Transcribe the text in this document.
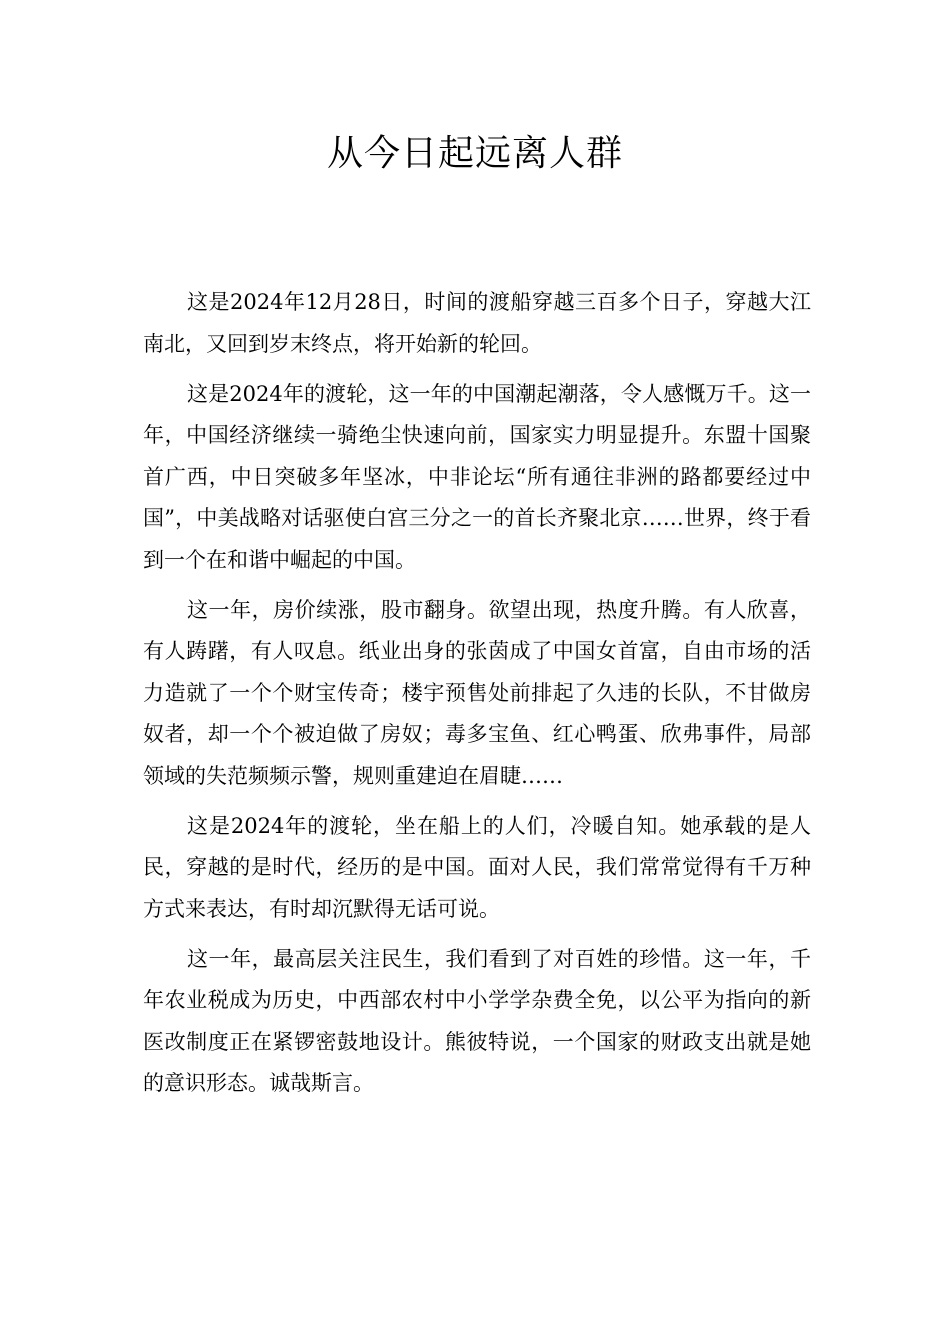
从今日起远离人群

这是2024年12月28日，时间的渡船穿越三百多个日子，穿越大江南北，又回到岁末终点，将开始新的轮回。

这是2024年的渡轮，这一年的中国潮起潮落，令人感慨万千。这一年，中国经济继续一骑绝尘快速向前，国家实力明显提升。东盟十国聚首广西，中日突破多年坚冰，中非论坛“所有通往非洲的路都要经过中国”，中美战略对话驱使白宫三分之一的首长齐聚北京……世界，终于看到一个在和谐中崛起的中国。

这一年，房价续涨，股市翻身。欲望出现，热度升腾。有人欣喜，有人踌躇，有人叹息。纸业出身的张茵成了中国女首富，自由市场的活力造就了一个个财宝传奇；楼宇预售处前排起了久违的长队，不甘做房奴者，却一个个被迫做了房奴；毒多宝鱼、红心鸭蛋、欣弗事件，局部领域的失范频频示警，规则重建迫在眉睫……

这是2024年的渡轮，坐在船上的人们，冷暖自知。她承载的是人民，穿越的是时代，经历的是中国。面对人民，我们常常觉得有千万种方式来表达，有时却沉默得无话可说。

这一年，最高层关注民生，我们看到了对百姓的珍惜。这一年，千年农业税成为历史，中西部农村中小学学杂费全免，以公平为指向的新医改制度正在紧锣密鼓地设计。熊彼特说，一个国家的财政支出就是她的意识形态。诚哉斯言。
